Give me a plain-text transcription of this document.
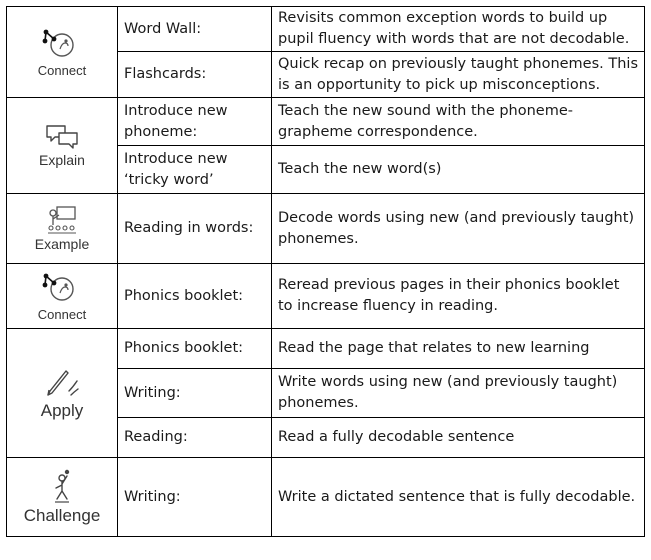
Connect	Word Wall:	Revisits common exception words to build up pupil fluency with words that are not decodable.
	Flashcards:	Quick recap on previously taught phonemes. This is an opportunity to pick up misconceptions.

Explain	Introduce new phoneme:	Teach the new sound with the phoneme-grapheme correspondence.
	Introduce new ‘tricky word’	Teach the new word(s)

Example	Reading in words:	Decode words using new (and previously taught) phonemes.

Connect	Phonics booklet:	Reread previous pages in their phonics booklet to increase fluency in reading.

Apply	Phonics booklet:	Read the page that relates to new learning
	Writing:	Write words using new (and previously taught) phonemes.
	Reading:	Read a fully decodable sentence

Challenge	Writing:	Write a dictated sentence that is fully decodable.
